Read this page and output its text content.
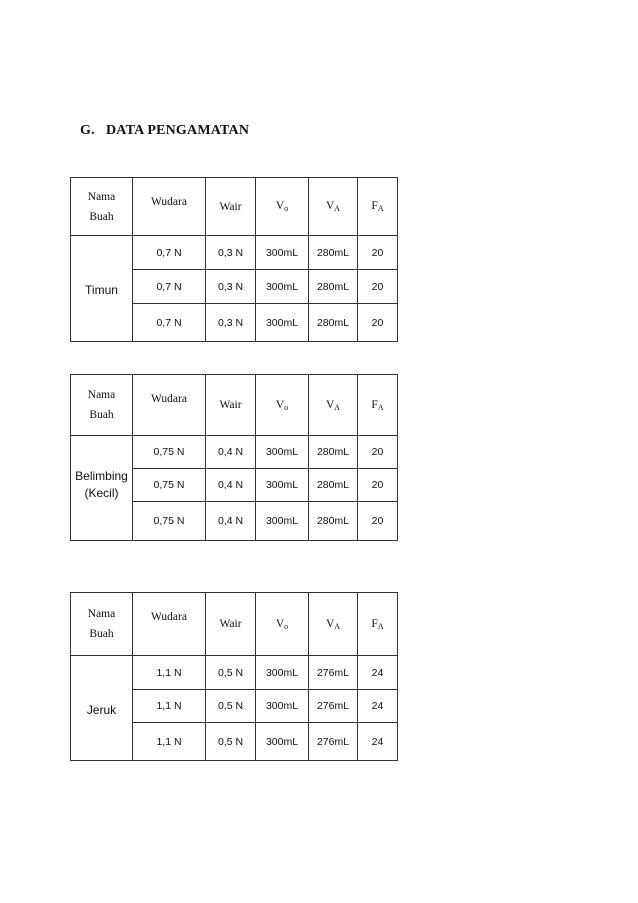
G. DATA PENGAMATAN
Nama
Buah	Wudara	Wair	$V_o$	$V_A$	$F_A$
Timun	0,7 N	0,3 N	300mL	280mL	20
	0,7 N	0,3 N	300mL	280mL	20
	0,7 N	0,3 N	300mL	280mL	20
Nama
Buah	Wudara	Wair	$V_o$	$V_A$	$F_A$
Belimbing
(Kecil)	0,75 N	0,4 N	300mL	280mL	20
	0,75 N	0,4 N	300mL	280mL	20
	0,75 N	0,4 N	300mL	280mL	20
Nama
Buah	Wudara	Wair	$V_o$	$V_A$	$F_A$
Jeruk	1,1 N	0,5 N	300mL	276mL	24
	1,1 N	0,5 N	300mL	276mL	24
	1,1 N	0,5 N	300mL	276mL	24
